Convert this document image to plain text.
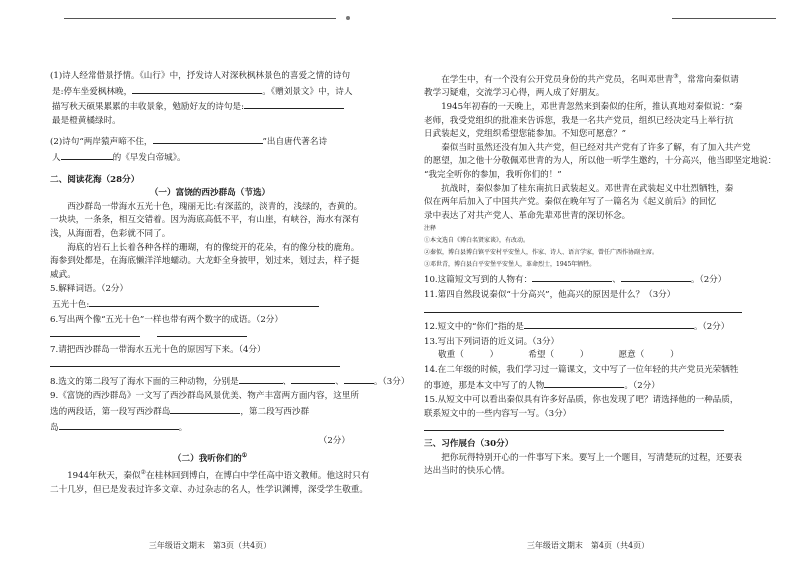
(1)诗人经常借景抒情。《山行》中，抒发诗人对深秋枫林景色的喜爱之情的诗句
是:停车坐爱枫林晚，	。《赠刘景文》中，诗人
描写秋天硕果累累的丰收景象，勉励好友的诗句是:
最是橙黄橘绿时。
(2)诗句“两岸猿声啼不住，	”出自唐代著名诗
人	的《早发白帝城》。
二、阅读花海（28分）
（一）富饶的西沙群岛（节选）
西沙群岛一带海水五光十色，瑰丽无比:有深蓝的，淡青的，浅绿的，杏黄的。
一块块，一条条，相互交错着。因为海底高低不平，有山崖，有峡谷，海水有深有
浅，从海面看，色彩就不同了。
海底的岩石上长着各种各样的珊瑚，有的像绽开的花朵，有的像分枝的鹿角。
海参到处都是，在海底懒洋洋地蠕动。大龙虾全身披甲，划过来，划过去，样子挺
威武。
5.解释词语。（2分）
五光十色:
6.写出两个像“五光十色”一样也带有两个数字的成语。（2分）

7.请把西沙群岛一带海水五光十色的原因写下来。（4分）
8.选文的第二段写了海水下面的三种动物，分别是	、	、	。（3分）
9.《富饶的西沙群岛》一文写了西沙群岛风景优美、物产丰富两方面内容，这里所
选的两段话，第一段写西沙群岛	，第二段写西沙群
岛	。
（2分）
（二）我听你们的①
1944年秋天，秦似②在桂林回到博白，在博白中学任高中语文教师。他这时只有
二十几岁，但已是发表过许多文章、办过杂志的名人，性学识渊博，深受学生敬重。
三年级语文期末　第3页（共4页）
在学生中，有一个没有公开党员身份的共产党员，名叫邓世青③，常常向秦似请
教学习疑难，交流学习心得，两人成了好朋友。
1945年初春的一天晚上，邓世青忽然来到秦似的住所，推认真地对秦似说：“秦
老师，我受党组织的批准来告诉您，我是一名共产党员，组织已经决定马上举行抗
日武装起义，党组织希望您能参加。不知您可愿意？”
秦似当时虽然还没有加入共产党，但已经对共产党有了许多了解，有了加入共产党
的愿望，加之他十分敬佩邓世青的为人，所以他一听学生邀约，十分高兴，他当即坚定地说：
“我完全听你的参加，我听你们的！”
抗战时，秦似参加了桂东南抗日武装起义。邓世青在武装起义中壮烈牺牲，秦
似在两年后加入了中国共产党。秦似在晚年写了一篇名为《起义前后》的回忆
录中表达了对共产党人、革命先辈邓世青的深切怀念。
注释
①本文选自《博白名贤家谈》，有改动。
②秦似，博白县博白镇平安村平安堡人，作家、诗人、语言学家，曾任广西作协副主席。
③邓世青，博白县白平安堡平安堡人，革命烈士，1945年牺牲。
10.这篇短文写到的人物有：	、	。（2分）
11.第四自然段说秦似“十分高兴”，他高兴的原因是什么？（3分）
12.短文中的“你们”指的是	。（2分）
13.写出下列词语的近义词。（3分）
敬重（　　　）　　　　	希望（　　　）　　　　	愿意（　　　）
14.在二年级的时候，我们学习过一篇课文，文中写了一位年轻的共产党员光荣牺牲
的事迹，那是本文中写了的人物	。（2分）
15.从短文中可以看出秦似具有许多好品质，你也发现了吧？请选择他的一种品质，
联系短文中的一些内容写一写。（3分）
三、习作展台（30分）
把你玩得特别开心的一件事写下来。要写上一个题目，写清楚玩的过程，还要表
达出当时的快乐心情。
三年级语文期末　第4页（共4页）
